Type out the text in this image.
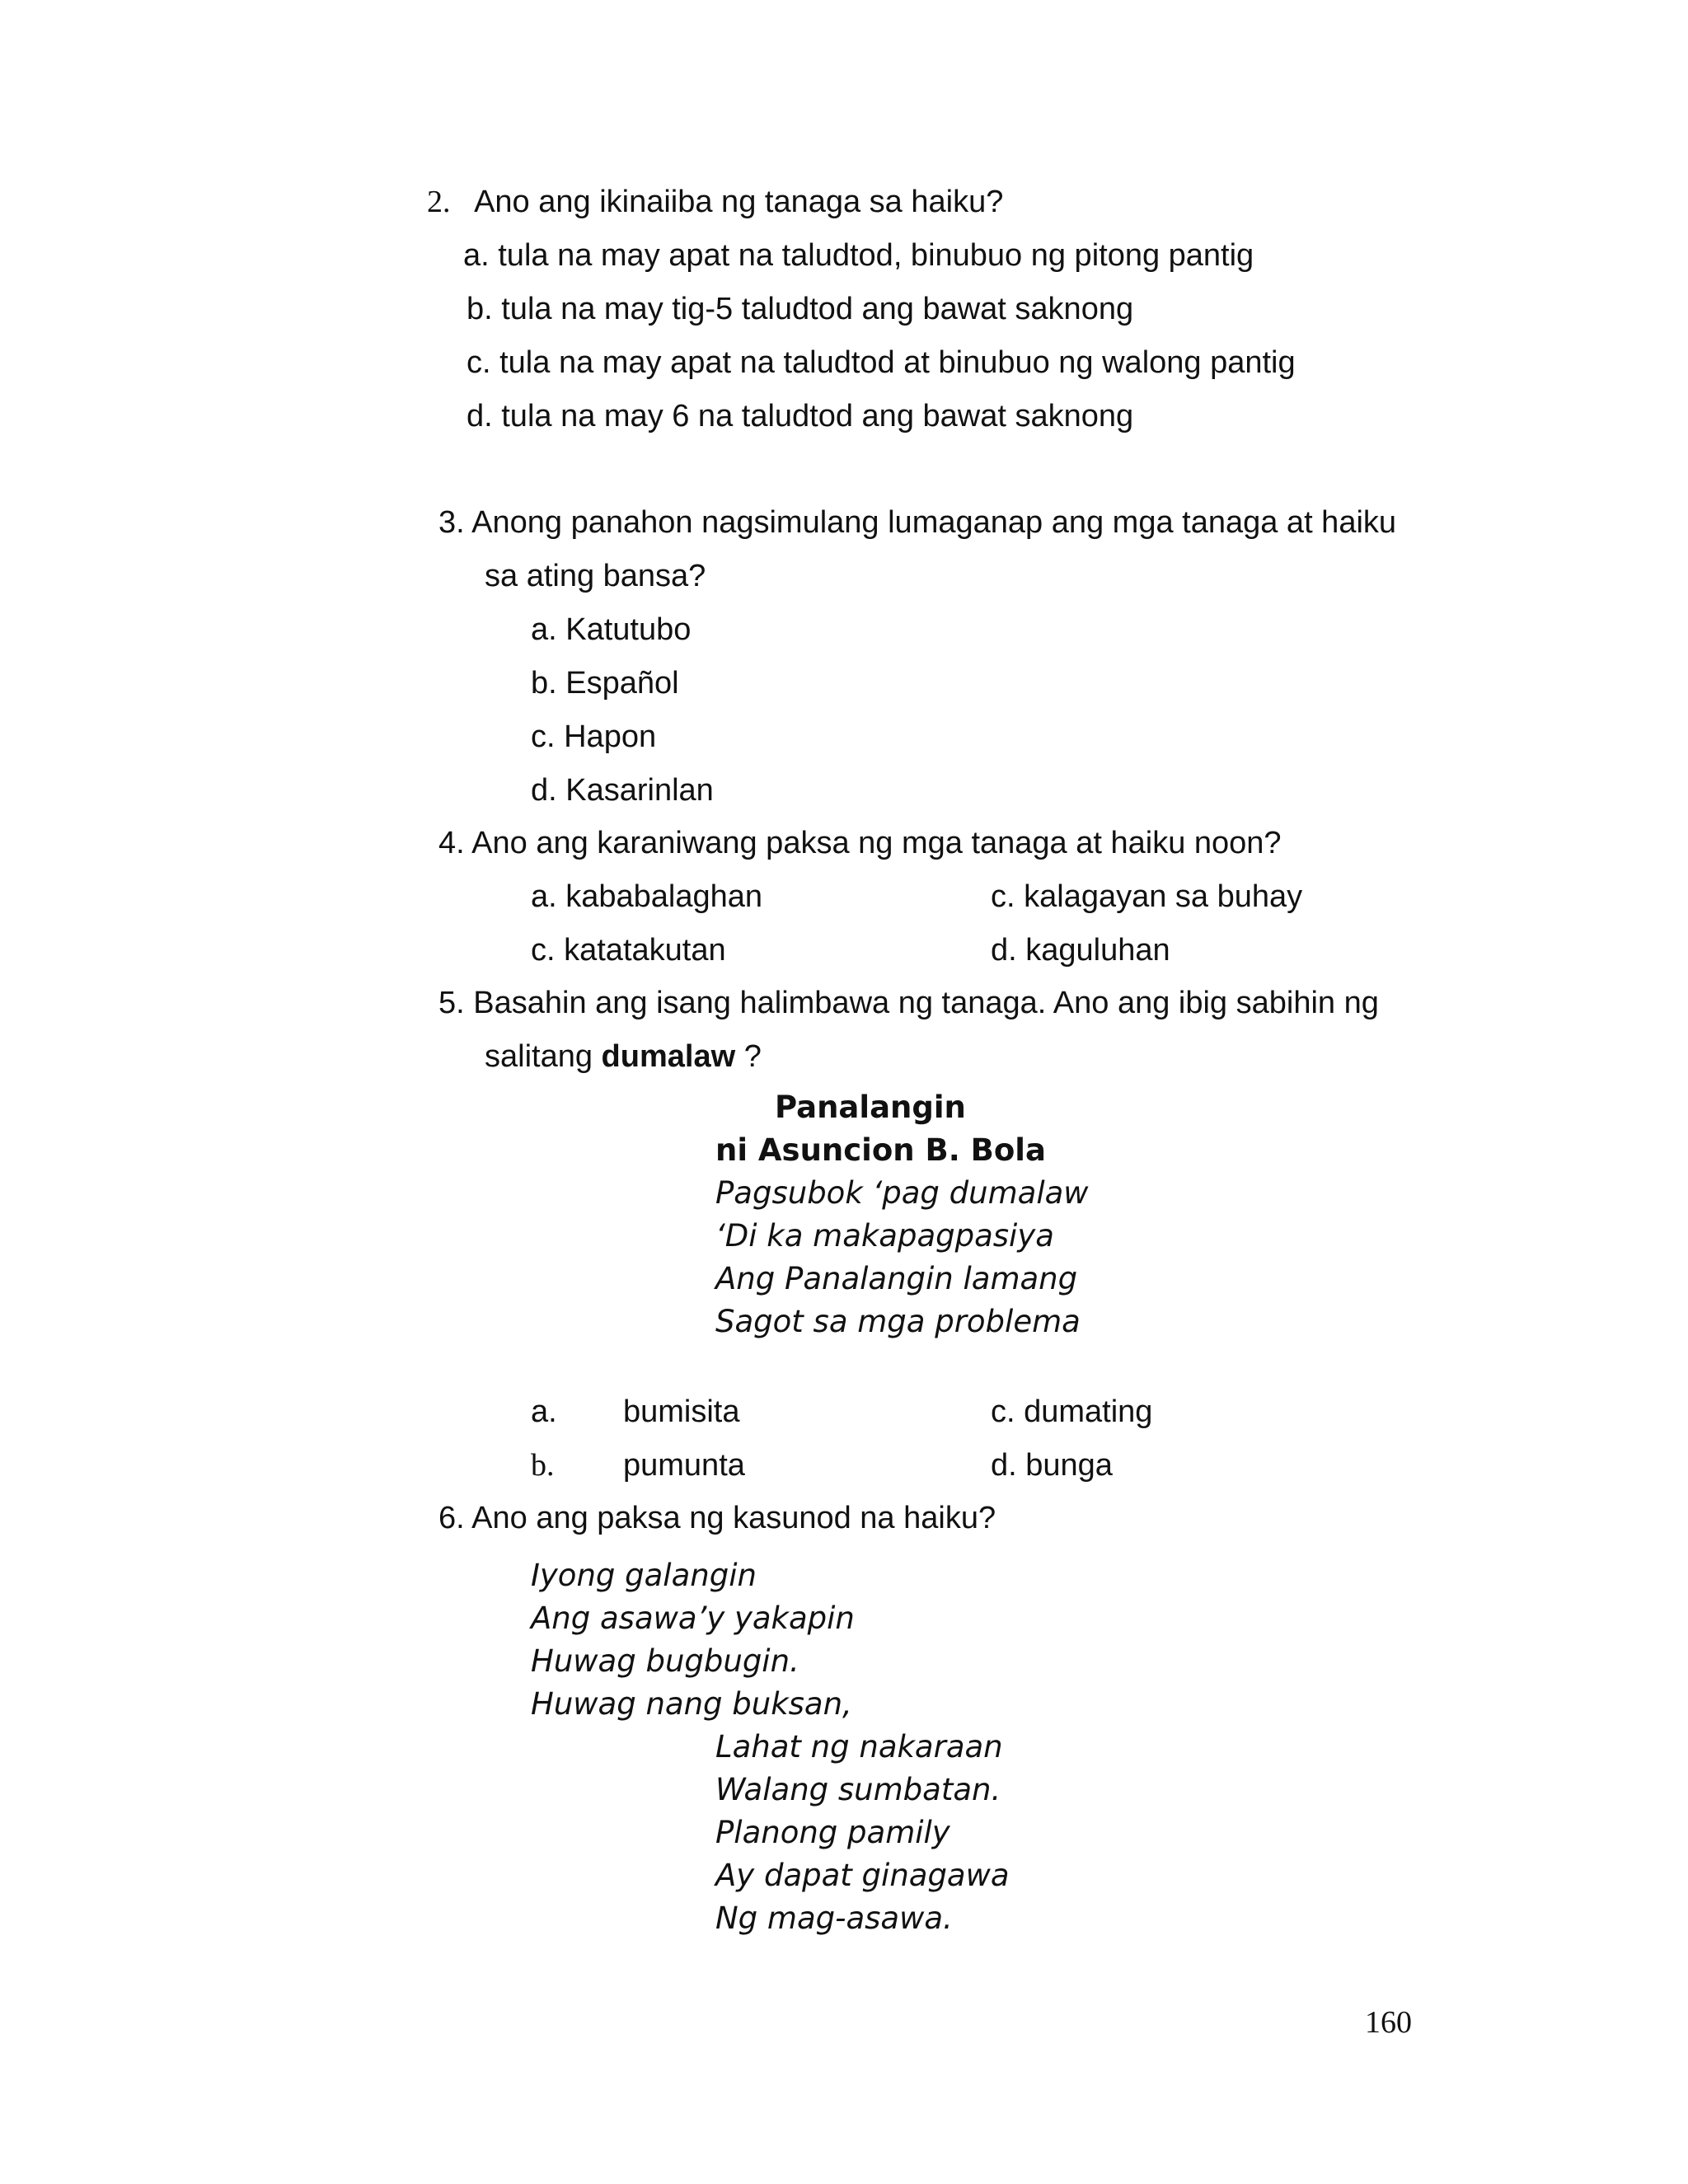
2. Ano ang ikinaiiba ng tanaga sa haiku?
a. tula na may apat na taludtod, binubuo ng pitong pantig
b. tula na may tig-5 taludtod ang bawat saknong
c. tula na may apat na taludtod at binubuo ng walong pantig
d. tula na may 6 na taludtod ang bawat saknong
3. Anong panahon nagsimulang lumaganap ang mga tanaga at haiku
sa ating bansa?
a. Katutubo
b. Español
c. Hapon
d. Kasarinlan
4. Ano ang karaniwang paksa ng mga tanaga at haiku noon?
a. kababalaghan	c. kalagayan sa buhay
c. katatakutan	d. kaguluhan
5. Basahin ang isang halimbawa ng tanaga. Ano ang ibig sabihin ng
salitang dumalaw ?
Panalangin
ni Asuncion B. Bola
Pagsubok ‘pag dumalaw
‘Di ka makapagpasiya
Ang Panalangin lamang
Sagot sa mga problema
a. bumisita	c. dumating
b. pumunta	d. bunga
6. Ano ang paksa ng kasunod na haiku?
Iyong galangin
Ang asawa’y yakapin
Huwag bugbugin.
Huwag nang buksan,
Lahat ng nakaraan
Walang sumbatan.
Planong pamily
Ay dapat ginagawa
Ng mag-asawa.
160
